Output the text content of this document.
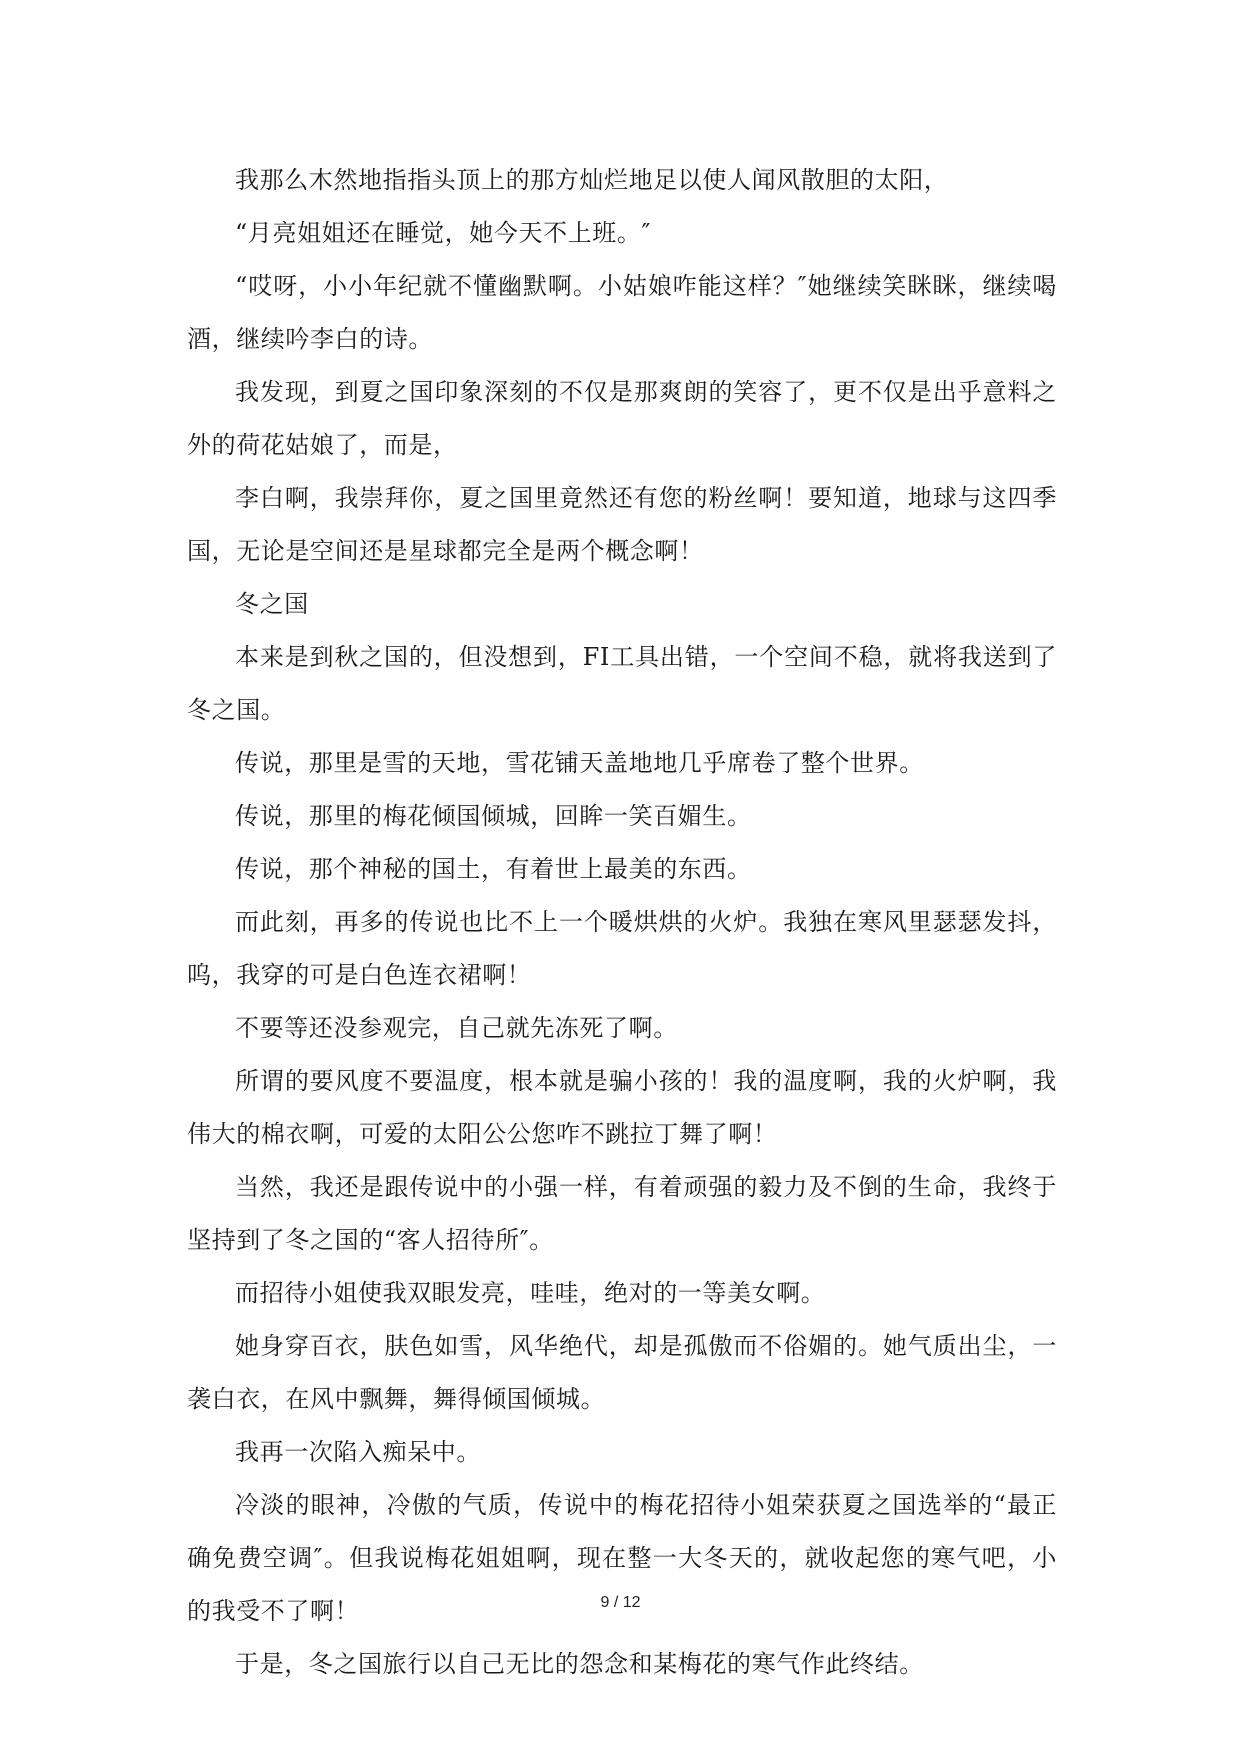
我那么木然地指指头顶上的那方灿烂地足以使人闻风散胆的太阳，

“月亮姐姐还在睡觉，她今天不上班。″

“哎呀，小小年纪就不懂幽默啊。小姑娘咋能这样？″她继续笑眯眯，继续喝酒，继续吟李白的诗。

我发现，到夏之国印象深刻的不仅是那爽朗的笑容了，更不仅是出乎意料之外的荷花姑娘了，而是，

李白啊，我崇拜你，夏之国里竟然还有您的粉丝啊！要知道，地球与这四季国，无论是空间还是星球都完全是两个概念啊！

冬之国

本来是到秋之国的，但没想到，FI工具出错，一个空间不稳，就将我送到了冬之国。

传说，那里是雪的天地，雪花铺天盖地地几乎席卷了整个世界。

传说，那里的梅花倾国倾城，回眸一笑百媚生。

传说，那个神秘的国土，有着世上最美的东西。

而此刻，再多的传说也比不上一个暖烘烘的火炉。我独在寒风里瑟瑟发抖，呜，我穿的可是白色连衣裙啊！

不要等还没参观完，自己就先冻死了啊。

所谓的要风度不要温度，根本就是骗小孩的！我的温度啊，我的火炉啊，我伟大的棉衣啊，可爱的太阳公公您咋不跳拉丁舞了啊！

当然，我还是跟传说中的小强一样，有着顽强的毅力及不倒的生命，我终于坚持到了冬之国的“客人招待所″。

而招待小姐使我双眼发亮，哇哇，绝对的一等美女啊。

她身穿百衣，肤色如雪，风华绝代，却是孤傲而不俗媚的。她气质出尘，一袭白衣，在风中飘舞，舞得倾国倾城。

我再一次陷入痴呆中。

冷淡的眼神，冷傲的气质，传说中的梅花招待小姐荣获夏之国选举的“最正确免费空调″。但我说梅花姐姐啊，现在整一大冬天的，就收起您的寒气吧，小的我受不了啊！

于是，冬之国旅行以自己无比的怨念和某梅花的寒气作此终结。

9 / 12
